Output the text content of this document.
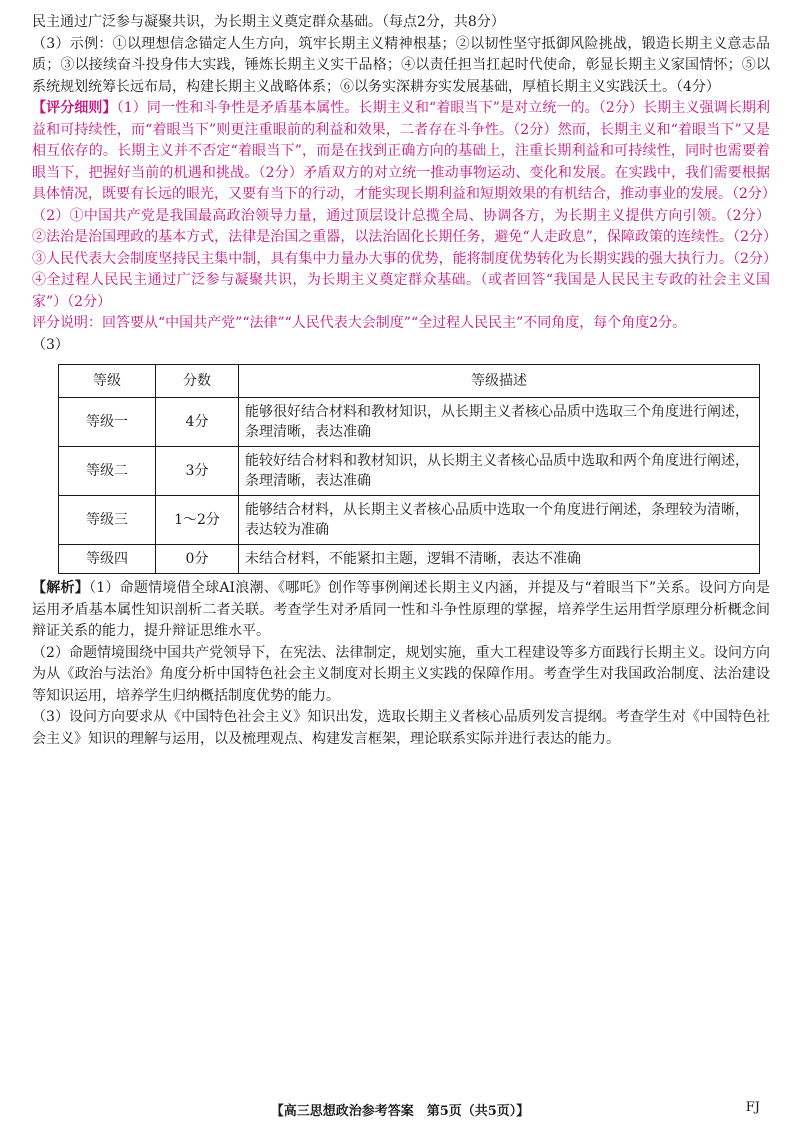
民主通过广泛参与凝聚共识，为长期主义奠定群众基础。（每点2分，共8分）

（3）示例：①以理想信念锚定人生方向，筑牢长期主义精神根基；②以韧性坚守抵御风险挑战，锻造长期主义意志品质；③以接续奋斗投身伟大实践，锤炼长期主义实干品格；④以责任担当扛起时代使命，彰显长期主义家国情怀；⑤以系统规划统筹长远布局，构建长期主义战略体系；⑥以务实深耕夯实发展基础，厚植长期主义实践沃土。（4分）

【评分细则】（1）同一性和斗争性是矛盾基本属性。长期主义和“着眼当下”是对立统一的。（2分）长期主义强调长期利益和可持续性，而“着眼当下”则更注重眼前的利益和效果，二者存在斗争性。（2分）然而，长期主义和“着眼当下”又是相互依存的。长期主义并不否定“着眼当下”，而是在找到正确方向的基础上，注重长期利益和可持续性，同时也需要着眼当下，把握好当前的机遇和挑战。（2分）矛盾双方的对立统一推动事物运动、变化和发展。在实践中，我们需要根据具体情况，既要有长远的眼光，又要有当下的行动，才能实现长期利益和短期效果的有机结合，推动事业的发展。（2分）

（2）①中国共产党是我国最高政治领导力量，通过顶层设计总揽全局、协调各方，为长期主义提供方向引领。（2分）②法治是治国理政的基本方式，法律是治国之重器，以法治固化长期任务，避免“人走政息”，保障政策的连续性。（2分）③人民代表大会制度坚持民主集中制，具有集中力量办大事的优势，能将制度优势转化为长期实践的强大执行力。（2分）④全过程人民民主通过广泛参与凝聚共识，为长期主义奠定群众基础。（或者回答“我国是人民民主专政的社会主义国家”）（2分）

评分说明：回答要从“中国共产党”“法律”“人民代表大会制度”“全过程人民民主”不同角度，每个角度2分。

（3）

等级	分数	等级描述
等级一	4分	能够很好结合材料和教材知识，从长期主义者核心品质中选取三个角度进行阐述，条理清晰，表达准确
等级二	3分	能较好结合材料和教材知识，从长期主义者核心品质中选取和两个角度进行阐述，条理清晰，表达准确
等级三	1～2分	能够结合材料，从长期主义者核心品质中选取一个角度进行阐述，条理较为清晰，表达较为准确
等级四	0分	未结合材料，不能紧扣主题，逻辑不清晰，表达不准确

【解析】（1）命题情境借全球AI浪潮、《哪吒》创作等事例阐述长期主义内涵，并提及与“着眼当下”关系。设问方向是运用矛盾基本属性知识剖析二者关联。考查学生对矛盾同一性和斗争性原理的掌握，培养学生运用哲学原理分析概念间辩证关系的能力，提升辩证思维水平。

（2）命题情境围绕中国共产党领导下，在宪法、法律制定，规划实施，重大工程建设等多方面践行长期主义。设问方向为从《政治与法治》角度分析中国特色社会主义制度对长期主义实践的保障作用。考查学生对我国政治制度、法治建设等知识运用，培养学生归纳概括制度优势的能力。

（3）设问方向要求从《中国特色社会主义》知识出发，选取长期主义者核心品质列发言提纲。考查学生对《中国特色社会主义》知识的理解与运用，以及梳理观点、构建发言框架，理论联系实际并进行表达的能力。

【高三思想政治参考答案　第5页（共5页）】	FJ
